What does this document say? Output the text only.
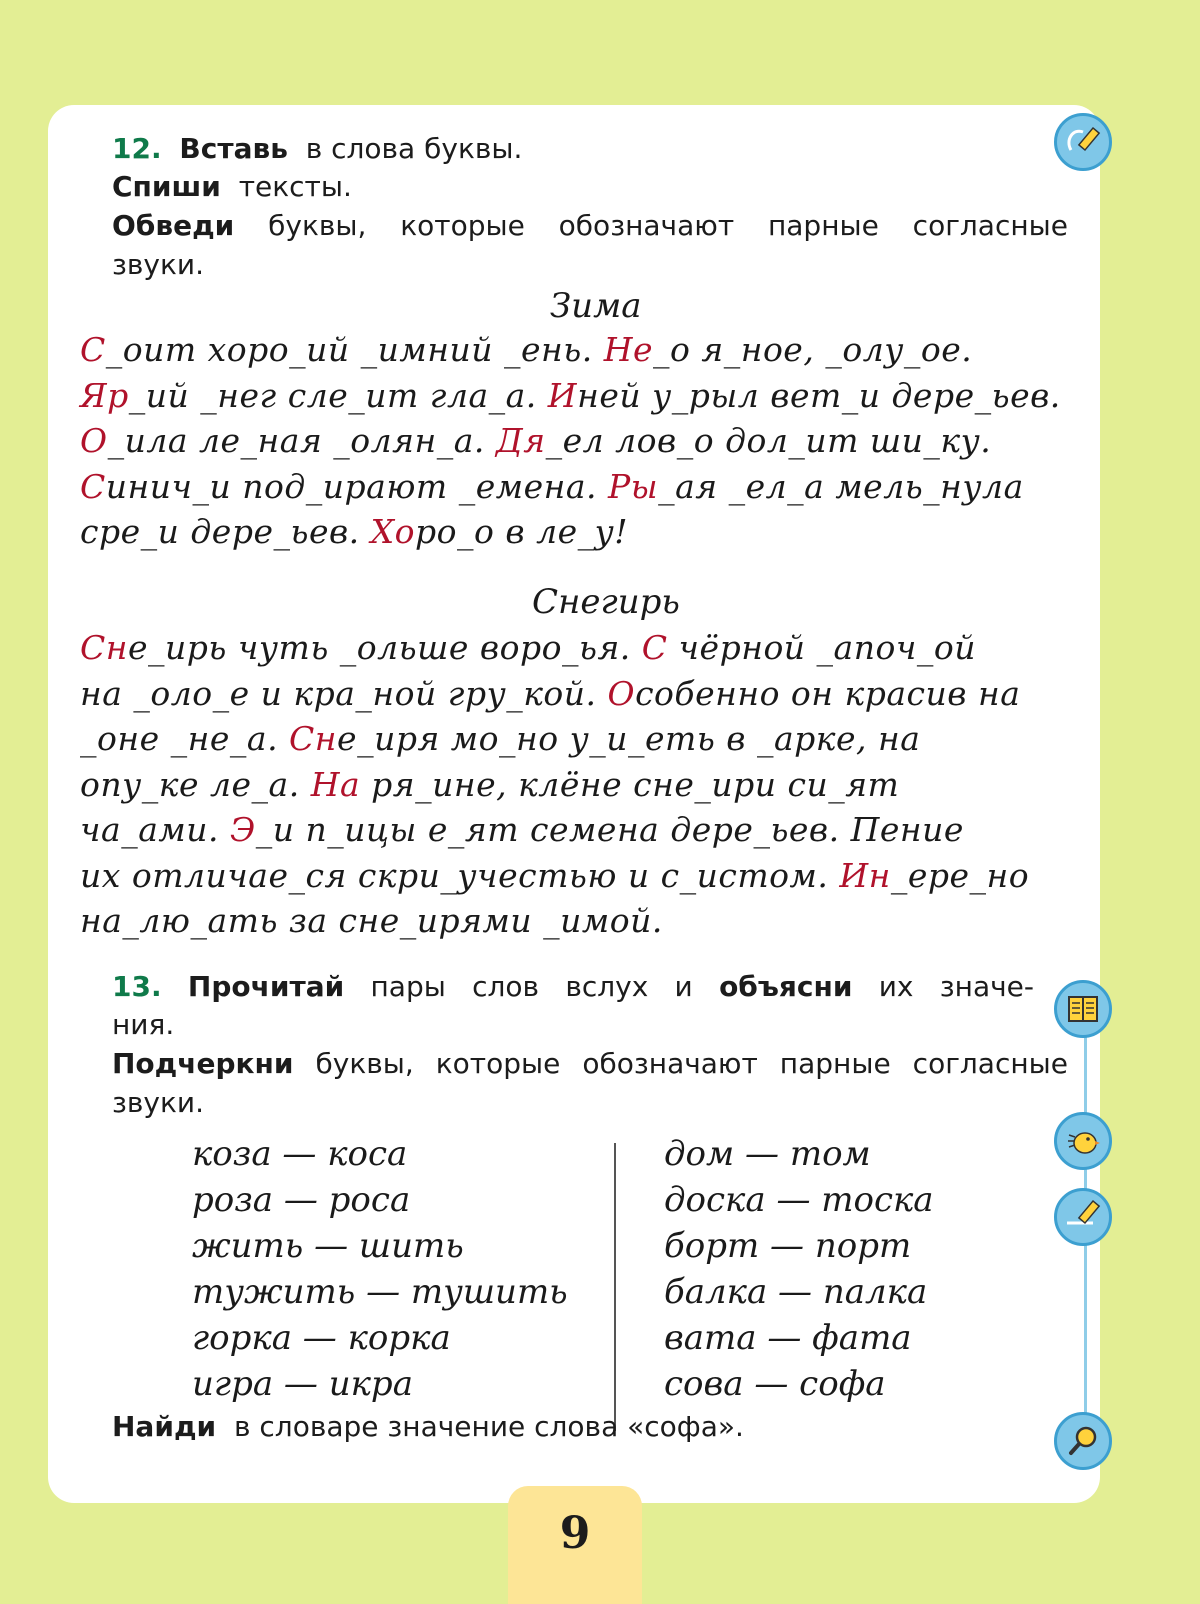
12. Вставь в слова буквы.
Спиши тексты.
Обведи буквы, которые обозначают парные согласные
звуки.
Зима
С_оит хоро_ий _имний _ень. Не_о я_ное, _олу_ое.
Яр_ий _нег сле_ит гла_а. Иней у_рыл вет_и дере_ьев.
О_ила ле_ная _олян_а. Дя_ел лов_о дол_ит ши_ку.
Синич_и под_ирают _емена. Ры_ая _ел_а мель_нула
сре_и дере_ьев. Хоро_о в ле_у!
Снегирь
Сне_ирь чуть _ольше воро_ья. С чёрной _апоч_ой
на _оло_е и кра_ной гру_кой. Особенно он красив на
_оне _не_а. Сне_иря мо_но у_и_еть в _арке, на
опу_ке ле_а. На ря_ине, клёне сне_ири си_ят
ча_ами. Э_и п_ицы е_ят семена дере_ьев. Пение
их отличае_ся скри_учестью и с_истом. Ин_ере_но
на_лю_ать за сне_ирями _имой.
13. Прочитай пары слов вслух и объясни их значе-
ния.
Подчеркни буквы, которые обозначают парные согласные
звуки.
коза — коса
роза — роса
жить — шить
тужить — тушить
горка — корка
игра — икра
дом — том
доска — тоска
борт — порт
балка — палка
вата — фата
сова — софа
Найди в словаре значение слова «софа».
9
